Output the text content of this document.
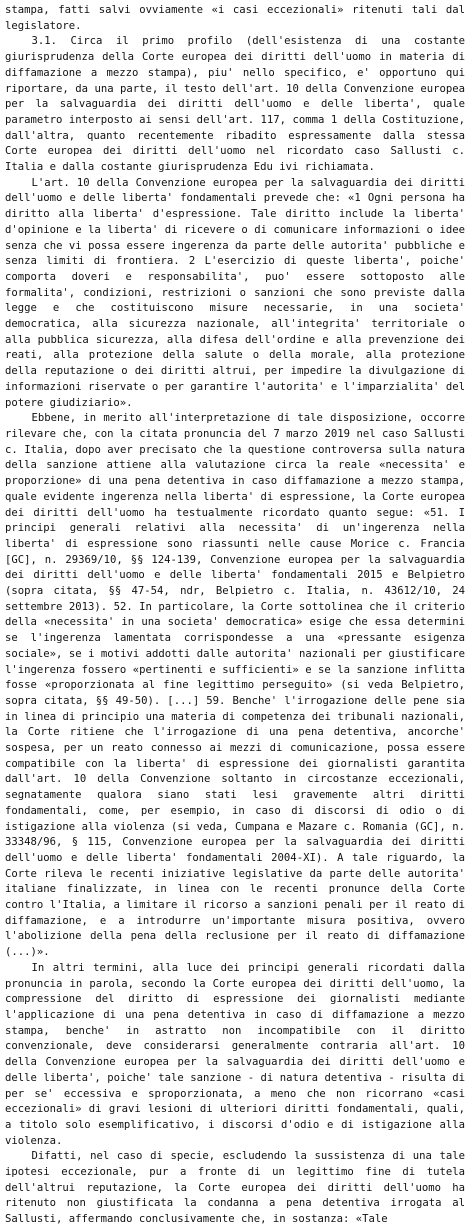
stampa, fatti salvi ovviamente «i casi eccezionali» ritenuti tali dal legislatore.

3.1. Circa il primo profilo (dell'esistenza di una costante giurisprudenza della Corte europea dei diritti dell'uomo in materia di diffamazione a mezzo stampa), piu' nello specifico, e' opportuno qui riportare, da una parte, il testo dell'art. 10 della Convenzione europea per la salvaguardia dei diritti dell'uomo e delle liberta', quale parametro interposto ai sensi dell'art. 117, comma 1 della Costituzione, dall'altra, quanto recentemente ribadito espressamente dalla stessa Corte europea dei diritti dell'uomo nel ricordato caso Sallusti c. Italia e dalla costante giurisprudenza Edu ivi richiamata.

L'art. 10 della Convenzione europea per la salvaguardia dei diritti dell'uomo e delle liberta' fondamentali prevede che: «1 Ogni persona ha diritto alla liberta' d'espressione. Tale diritto include la liberta' d'opinione e la liberta' di ricevere o di comunicare informazioni o idee senza che vi possa essere ingerenza da parte delle autorita' pubbliche e senza limiti di frontiera. 2 L'esercizio di queste liberta', poiche' comporta doveri e responsabilita', puo' essere sottoposto alle formalita', condizioni, restrizioni o sanzioni che sono previste dalla legge e che costituiscono misure necessarie, in una societa' democratica, alla sicurezza nazionale, all'integrita' territoriale o alla pubblica sicurezza, alla difesa dell'ordine e alla prevenzione dei reati, alla protezione della salute o della morale, alla protezione della reputazione o dei diritti altrui, per impedire la divulgazione di informazioni riservate o per garantire l'autorita' e l'imparzialita' del potere giudiziario».

Ebbene, in merito all'interpretazione di tale disposizione, occorre rilevare che, con la citata pronuncia del 7 marzo 2019 nel caso Sallusti c. Italia, dopo aver precisato che la questione controversa sulla natura della sanzione attiene alla valutazione circa la reale «necessita' e proporzione» di una pena detentiva in caso diffamazione a mezzo stampa, quale evidente ingerenza nella liberta' di espressione, la Corte europea dei diritti dell'uomo ha testualmente ricordato quanto segue: «51. I principi generali relativi alla necessita' di un'ingerenza nella liberta' di espressione sono riassunti nelle cause Morice c. Francia [GC], n. 29369/10, §§ 124-139, Convenzione europea per la salvaguardia dei diritti dell'uomo e delle liberta' fondamentali 2015 e Belpietro (sopra citata, §§ 47-54, ndr, Belpietro c. Italia, n. 43612/10, 24 settembre 2013). 52. In particolare, la Corte sottolinea che il criterio della «necessita' in una societa' democratica» esige che essa determini se l'ingerenza lamentata corrispondesse a una «pressante esigenza sociale», se i motivi addotti dalle autorita' nazionali per giustificare l'ingerenza fossero «pertinenti e sufficienti» e se la sanzione inflitta fosse «proporzionata al fine legittimo perseguito» (si veda Belpietro, sopra citata, §§ 49-50). [...] 59. Benche' l'irrogazione delle pene sia in linea di principio una materia di competenza dei tribunali nazionali, la Corte ritiene che l'irrogazione di una pena detentiva, ancorche' sospesa, per un reato connesso ai mezzi di comunicazione, possa essere compatibile con la liberta' di espressione dei giornalisti garantita dall'art. 10 della Convenzione soltanto in circostanze eccezionali, segnatamente qualora siano stati lesi gravemente altri diritti fondamentali, come, per esempio, in caso di discorsi di odio o di istigazione alla violenza (si veda, Cumpana e Mazare c. Romania (GC], n. 33348/96, § 115, Convenzione europea per la salvaguardia dei diritti dell'uomo e delle liberta' fondamentali 2004-XI). A tale riguardo, la Corte rileva le recenti iniziative legislative da parte delle autorita' italiane finalizzate, in linea con le recenti pronunce della Corte contro l'Italia, a limitare il ricorso a sanzioni penali per il reato di diffamazione, e a introdurre un'importante misura positiva, ovvero l'abolizione della pena della reclusione per il reato di diffamazione (...)».

In altri termini, alla luce dei principi generali ricordati dalla pronuncia in parola, secondo la Corte europea dei diritti dell'uomo, la compressione del diritto di espressione dei giornalisti mediante l'applicazione di una pena detentiva in caso di diffamazione a mezzo stampa, benche' in astratto non incompatibile con il diritto convenzionale, deve considerarsi generalmente contraria all'art. 10 della Convenzione europea per la salvaguardia dei diritti dell'uomo e delle liberta', poiche' tale sanzione - di natura detentiva - risulta di per se' eccessiva e sproporzionata, a meno che non ricorrano «casi eccezionali» di gravi lesioni di ulteriori diritti fondamentali, quali, a titolo solo esemplificativo, i discorsi d'odio e di istigazione alla violenza.

Difatti, nel caso di specie, escludendo la sussistenza di una tale ipotesi eccezionale, pur a fronte di un legittimo fine di tutela dell'altrui reputazione, la Corte europea dei diritti dell'uomo ha ritenuto non giustificata la condanna a pena detentiva irrogata al Sallusti, affermando conclusivamente che, in sostanza: «Tale
